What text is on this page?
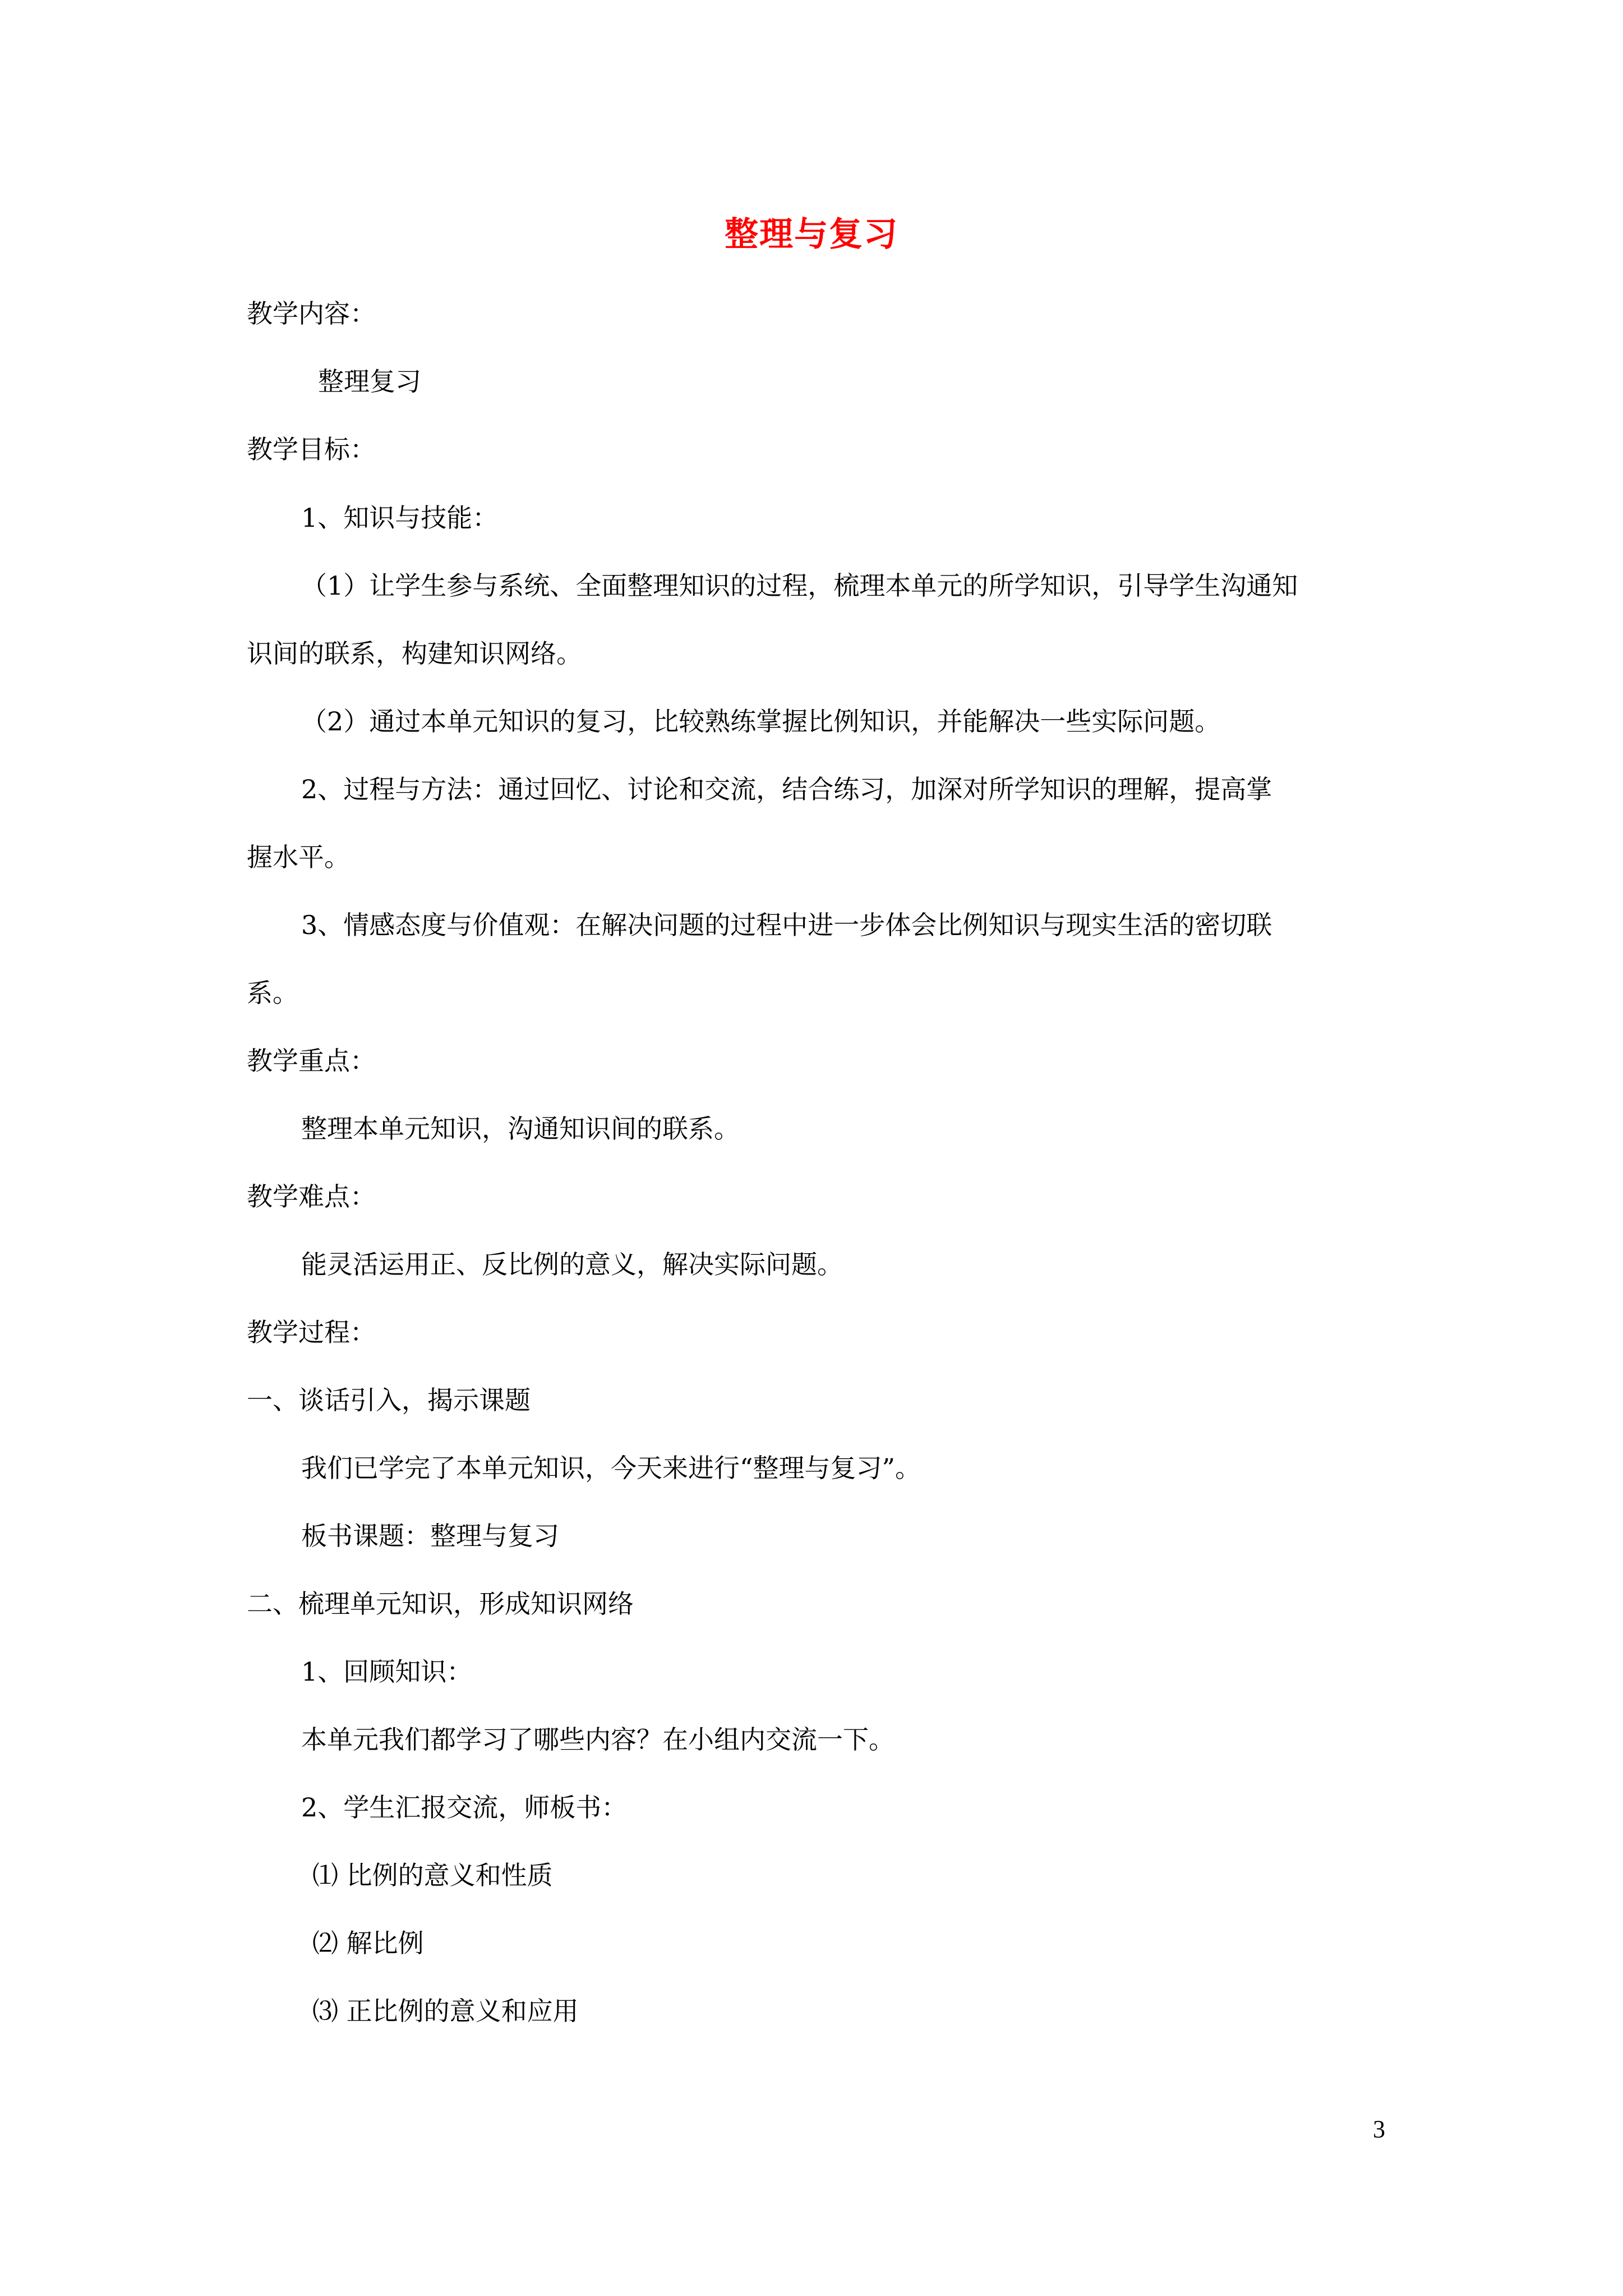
整理与复习
教学内容：
整理复习
教学目标：
1、知识与技能：
（1）让学生参与系统、全面整理知识的过程，梳理本单元的所学知识，引导学生沟通知
识间的联系，构建知识网络。
（2）通过本单元知识的复习，比较熟练掌握比例知识，并能解决一些实际问题。
2、过程与方法：通过回忆、讨论和交流，结合练习，加深对所学知识的理解，提高掌
握水平。
3、情感态度与价值观：在解决问题的过程中进一步体会比例知识与现实生活的密切联
系。
教学重点：
整理本单元知识，沟通知识间的联系。
教学难点：
能灵活运用正、反比例的意义，解决实际问题。
教学过程：
一、谈话引入，揭示课题
我们已学完了本单元知识，今天来进行“整理与复习”。
板书课题：整理与复习
二、梳理单元知识，形成知识网络
1、回顾知识：
本单元我们都学习了哪些内容？在小组内交流一下。
2、学生汇报交流，师板书：
⑴ 比例的意义和性质
⑵ 解比例
⑶ 正比例的意义和应用
3
